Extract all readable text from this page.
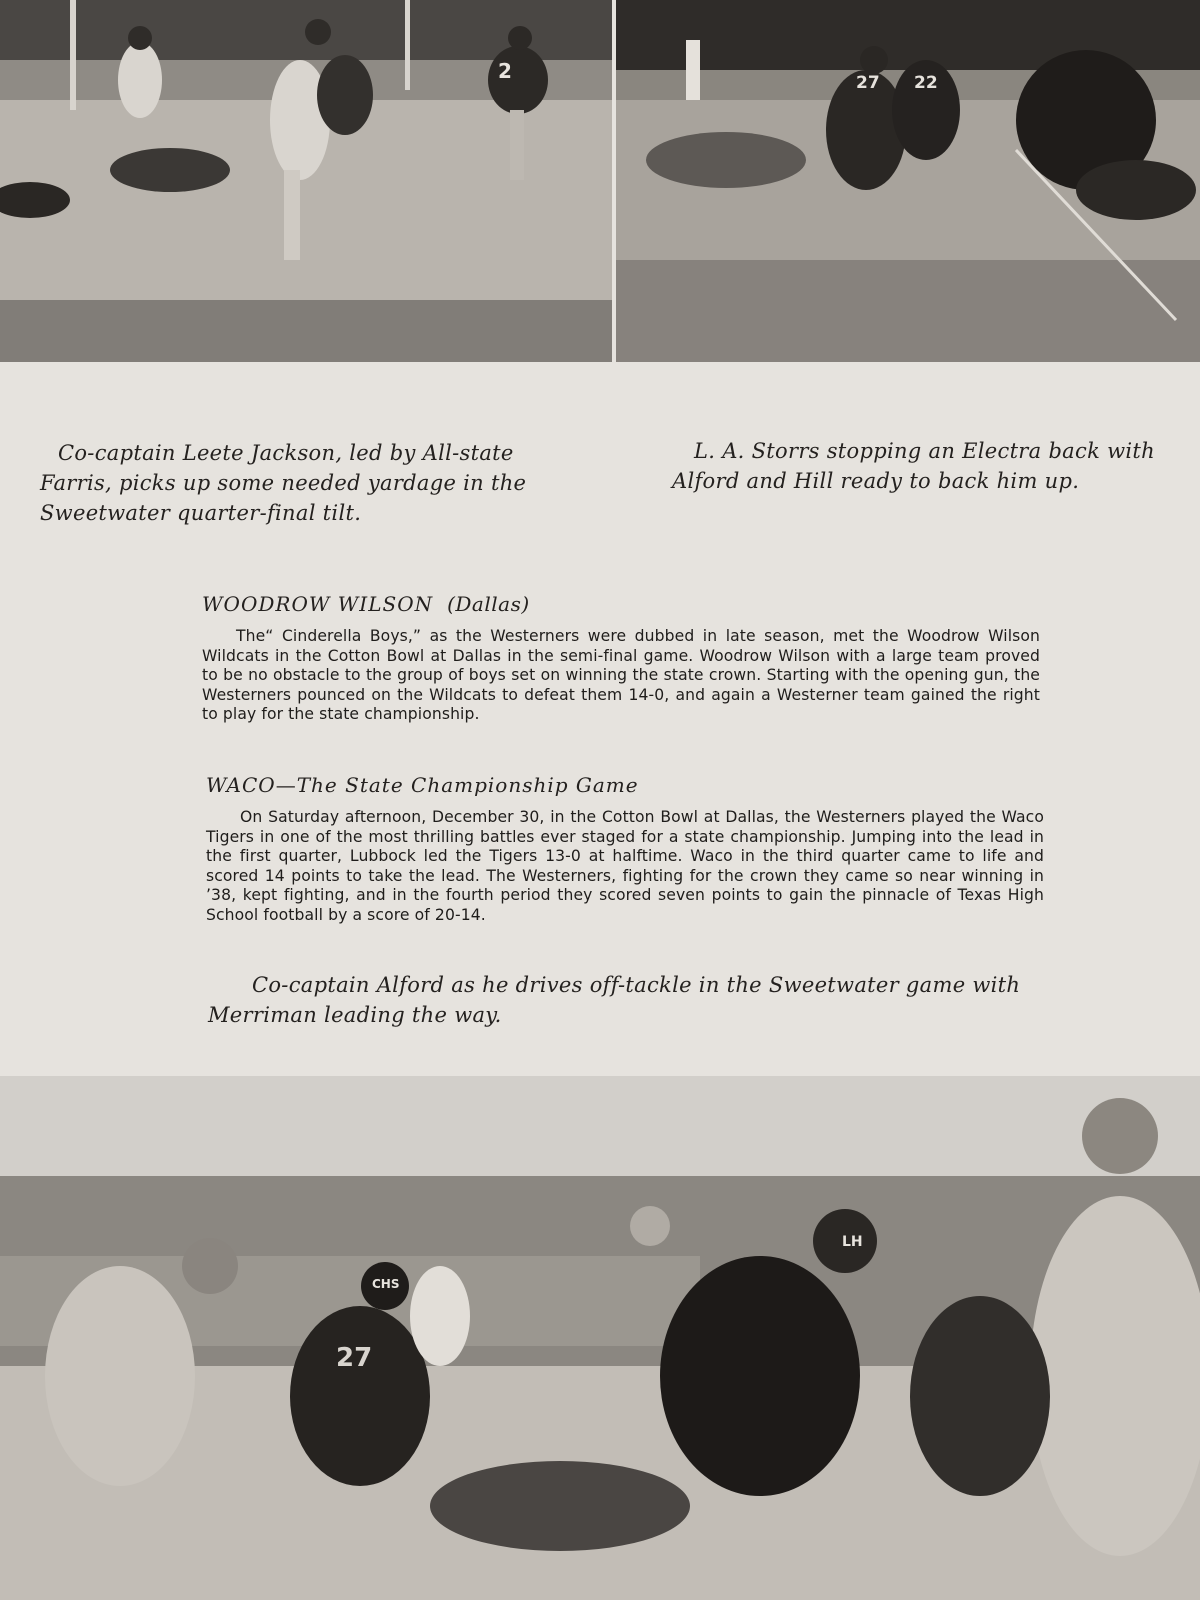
2	27 22
Co-captain Leete Jackson, led by All-state Farris, picks up some needed yardage in the Sweetwater quarter-final tilt.
L. A. Storrs stopping an Electra back with Alford and Hill ready to back him up.
WOODROW WILSON (Dallas)
The“ Cinderella Boys,” as the Westerners were dubbed in late season, met the Woodrow Wilson Wildcats in the Cotton Bowl at Dallas in the semi-final game. Woodrow Wilson with a large team proved to be no obstacle to the group of boys set on winning the state crown. Starting with the opening gun, the Westerners pounced on the Wildcats to defeat them 14-0, and again a Westerner team gained the right to play for the state championship.
WACO—The State Championship Game
On Saturday afternoon, December 30, in the Cotton Bowl at Dallas, the Westerners played the Waco Tigers in one of the most thrilling battles ever staged for a state championship. Jumping into the lead in the first quarter, Lubbock led the Tigers 13-0 at halftime. Waco in the third quarter came to life and scored 14 points to take the lead. The Westerners, fighting for the crown they came so near winning in ’38, kept fighting, and in the fourth period they scored seven points to gain the pinnacle of Texas High School football by a score of 20-14.
Co-captain Alford as he drives off-tackle in the Sweetwater game with Merriman leading the way.
27
CHS
LH
